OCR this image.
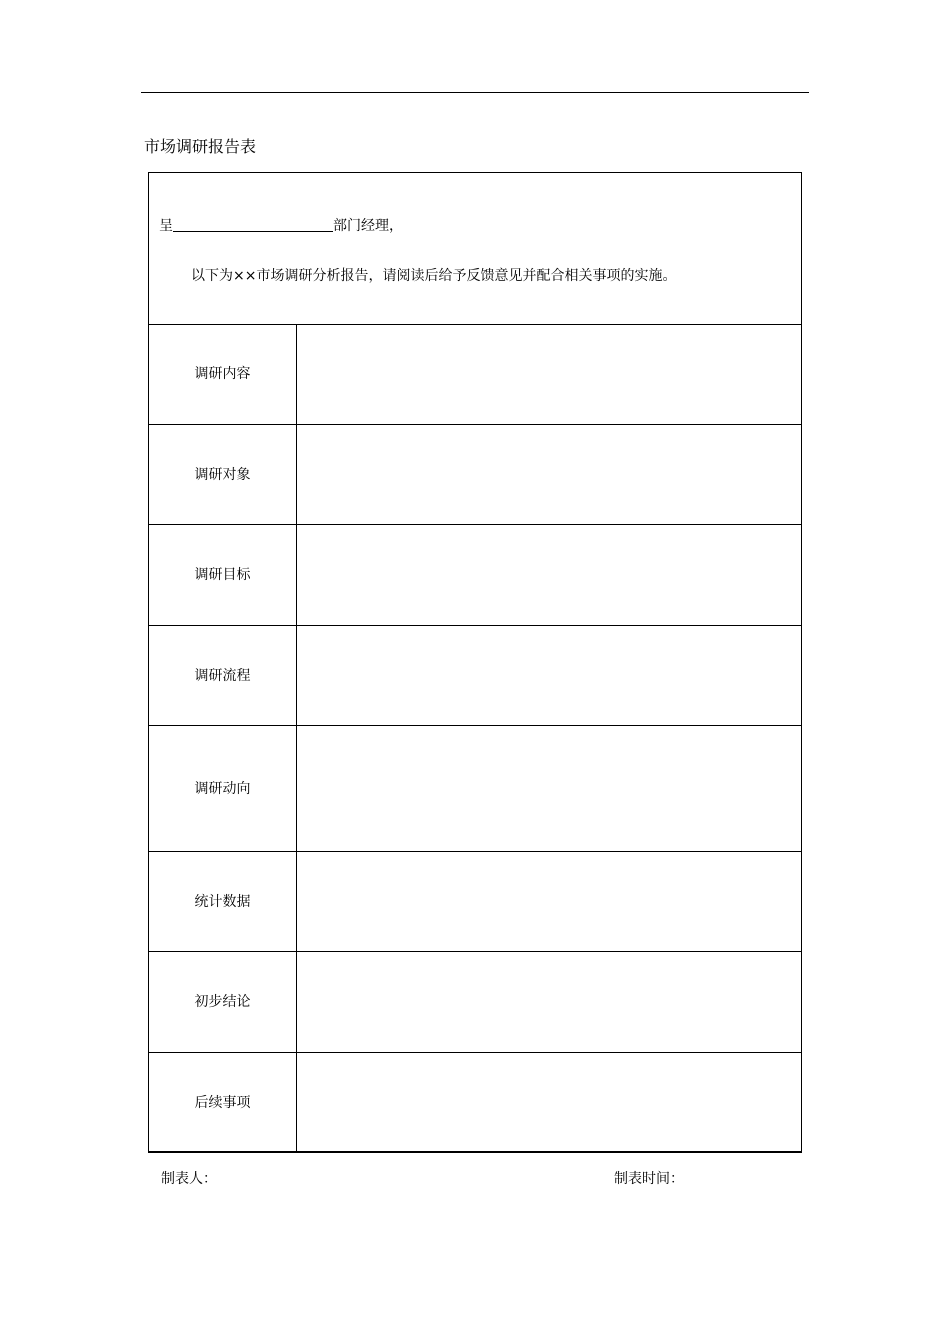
市场调研报告表
呈	部门经理，
以下为××市场调研分析报告，请阅读后给予反馈意见并配合相关事项的实施。
调研内容
调研对象
调研目标
调研流程
调研动向
统计数据
初步结论
后续事项
制表人：	制表时间：
